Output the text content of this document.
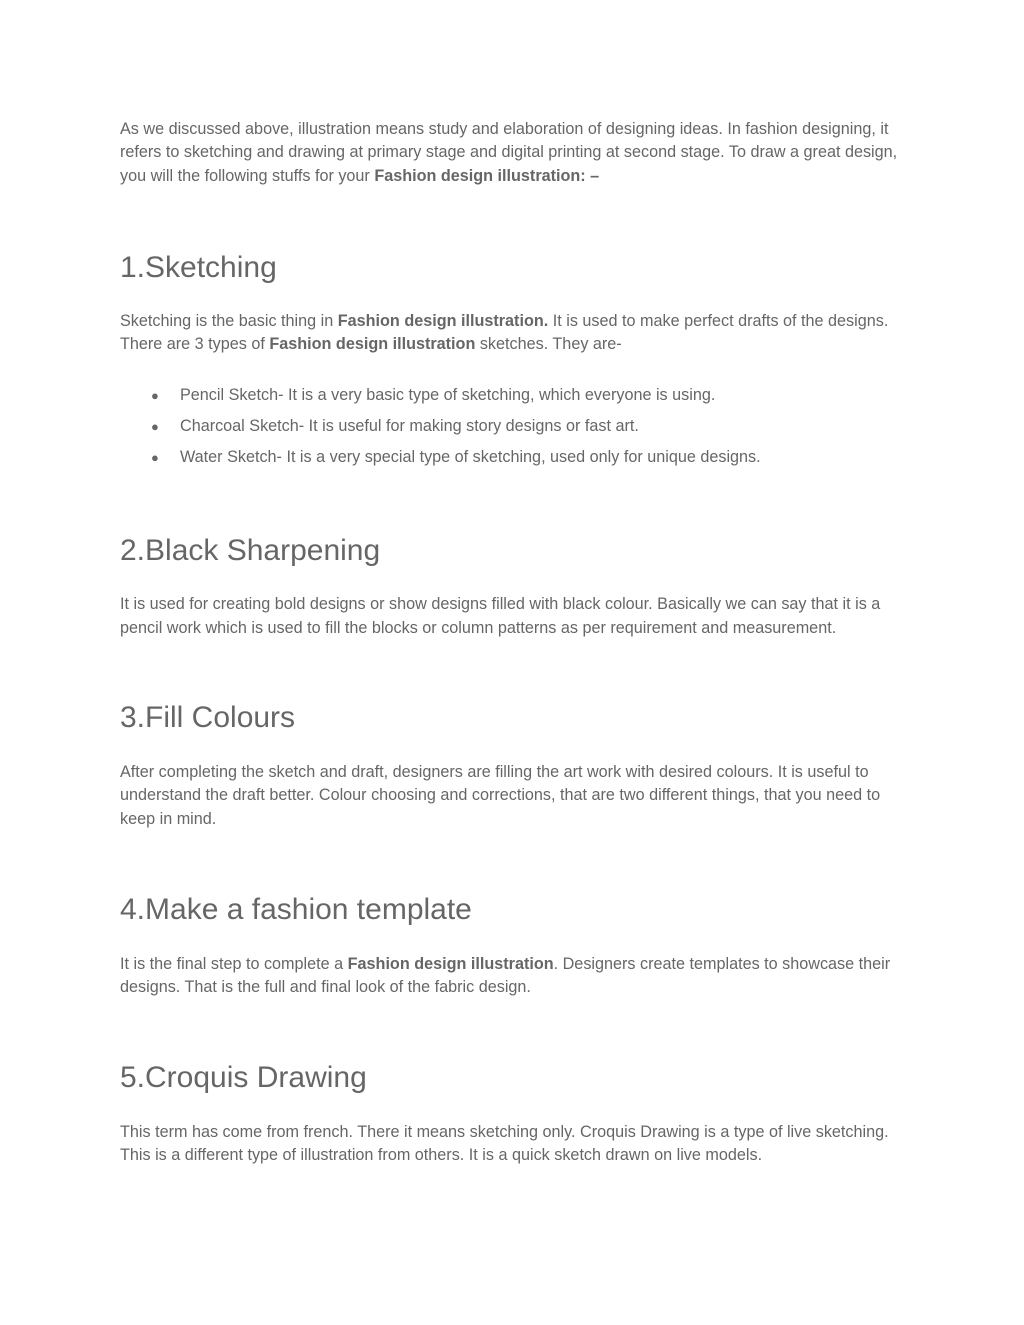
As we discussed above, illustration means study and elaboration of designing ideas. In fashion designing, it refers to sketching and drawing at primary stage and digital printing at second stage. To draw a great design, you will the following stuffs for your Fashion design illustration: –

1.Sketching

Sketching is the basic thing in Fashion design illustration. It is used to make perfect drafts of the designs. There are 3 types of Fashion design illustration sketches. They are-

● Pencil Sketch- It is a very basic type of sketching, which everyone is using.
● Charcoal Sketch- It is useful for making story designs or fast art.
● Water Sketch- It is a very special type of sketching, used only for unique designs.
2.Black Sharpening

It is used for creating bold designs or show designs filled with black colour. Basically we can say that it is a pencil work which is used to fill the blocks or column patterns as per requirement and measurement.

3.Fill Colours

After completing the sketch and draft, designers are filling the art work with desired colours. It is useful to understand the draft better. Colour choosing and corrections, that are two different things, that you need to keep in mind.

4.Make a fashion template

It is the final step to complete a Fashion design illustration. Designers create templates to showcase their designs. That is the full and final look of the fabric design.

5.Croquis Drawing

This term has come from french. There it means sketching only. Croquis Drawing is a type of live sketching. This is a different type of illustration from others. It is a quick sketch drawn on live models.
